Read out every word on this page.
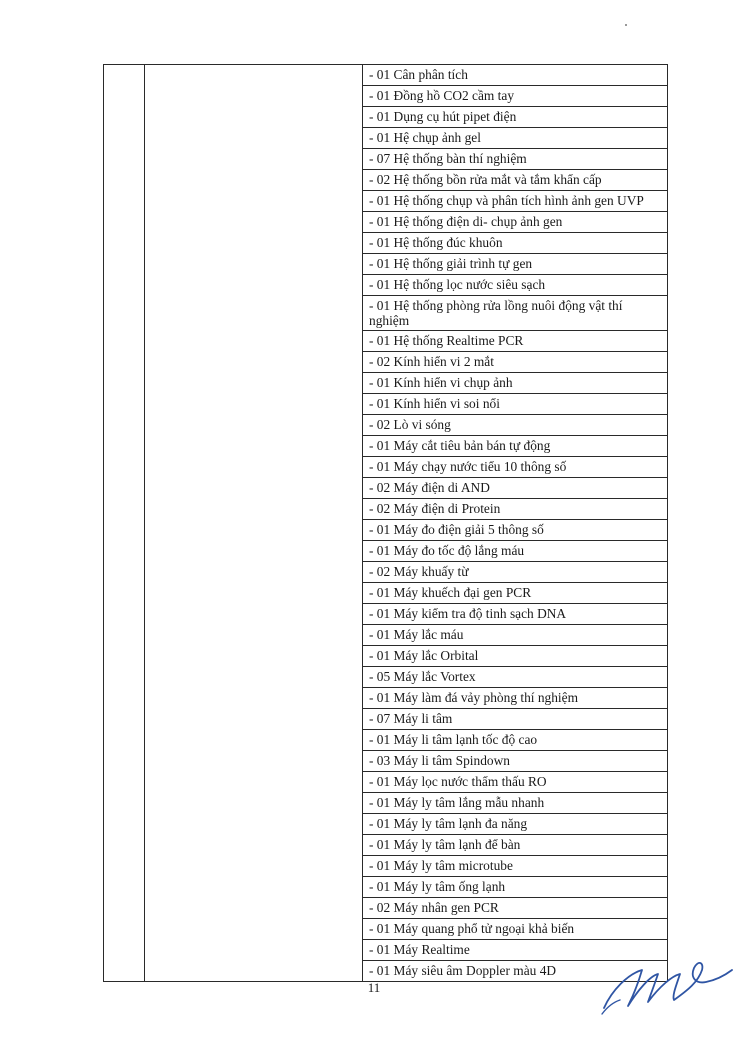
- 01 Cân phân tích
- 01 Đồng hồ CO2 cầm tay
- 01 Dụng cụ hút pipet điện
- 01 Hệ chụp ảnh gel
- 07 Hệ thống bàn thí nghiệm
- 02 Hệ thống bồn rửa mắt và tắm khẩn cấp
- 01 Hệ thống chụp và phân tích hình ảnh gen UVP
- 01 Hệ thống điện di- chụp ảnh gen
- 01 Hệ thống đúc khuôn
- 01 Hệ thống giải trình tự gen
- 01 Hệ thống lọc nước siêu sạch
- 01 Hệ thống phòng rửa lồng nuôi động vật thí nghiệm
- 01 Hệ thống Realtime PCR
- 02 Kính hiển vi 2 mắt
- 01 Kính hiển vi chụp ảnh
- 01 Kính hiển vi soi nổi
- 02 Lò vi sóng
- 01 Máy cắt tiêu bản bán tự động
- 01 Máy chạy nước tiểu 10 thông số
- 02 Máy điện di AND
- 02 Máy điện di Protein
- 01 Máy đo điện giải 5 thông số
- 01 Máy đo tốc độ lắng máu
- 02 Máy khuấy từ
- 01 Máy khuếch đại gen PCR
- 01 Máy kiểm tra độ tinh sạch DNA
- 01 Máy lắc máu
- 01 Máy lắc Orbital
- 05 Máy lắc Vortex
- 01 Máy làm đá vảy phòng thí nghiệm
- 07 Máy li tâm
- 01 Máy li tâm lạnh tốc độ cao
- 03 Máy li tâm Spindown
- 01 Máy lọc nước thẩm thấu RO
- 01 Máy ly tâm lắng mẫu nhanh
- 01 Máy ly tâm lạnh đa năng
- 01 Máy ly tâm lạnh để bàn
- 01 Máy ly tâm microtube
- 01 Máy ly tâm ống lạnh
- 02 Máy nhân gen PCR
- 01 Máy quang phổ tử ngoại khả biến
- 01 Máy Realtime
- 01 Máy siêu âm Doppler màu 4D
11
